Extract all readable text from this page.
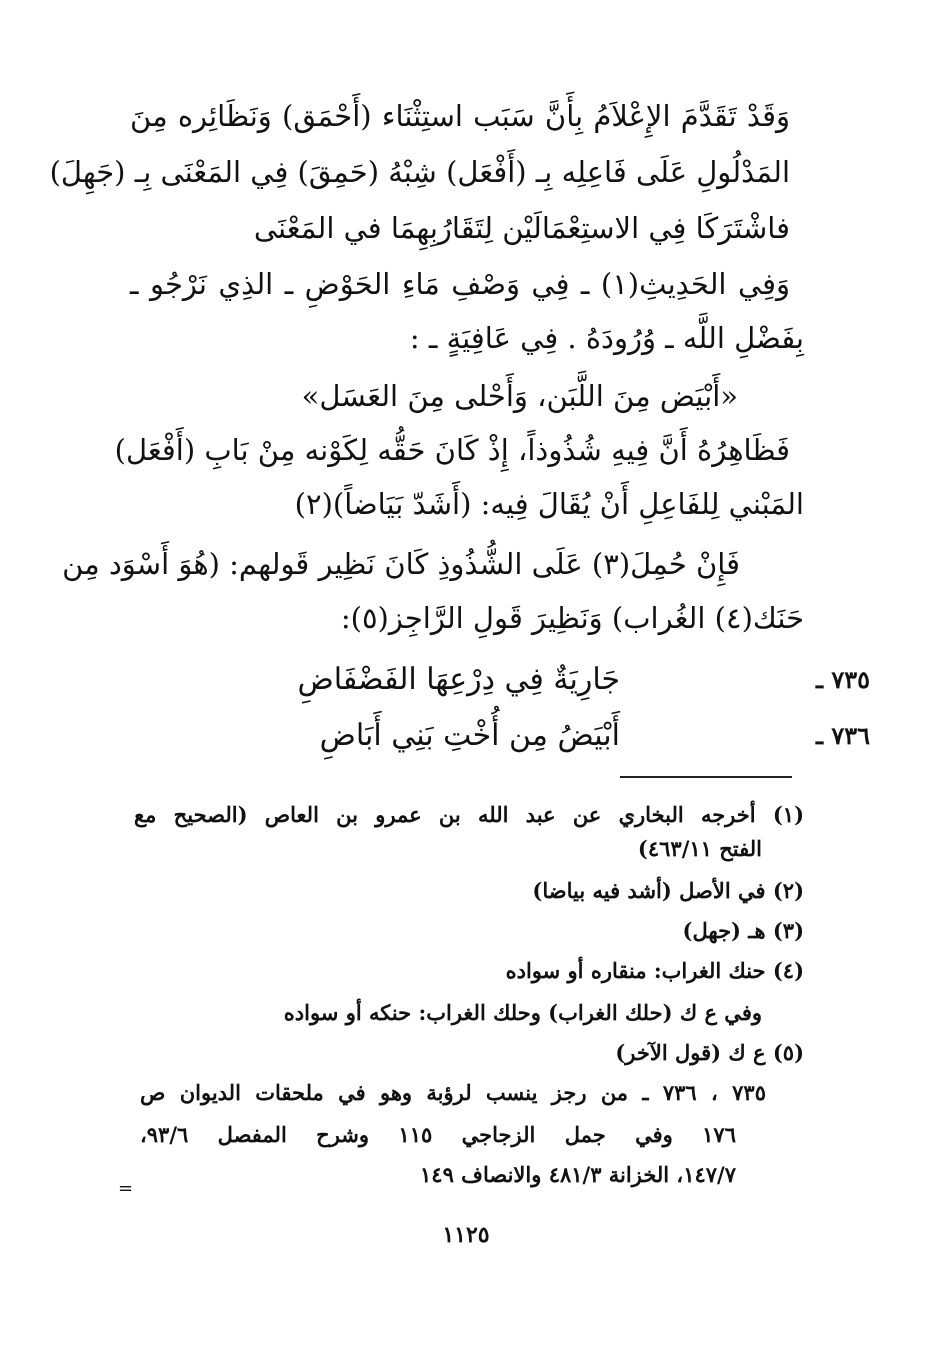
وَقَدْ تَقَدَّمَ الإِعْلاَمُ بِأَنَّ سَبَب استِثْنَاء (أَحْمَق) وَنَظَائِره مِنَ
المَدْلُولِ عَلَى فَاعِلِه بِـ (أَفْعَل) شِبْهُ (حَمِقَ) فِي المَعْنَى بِـ (جَهِلَ)
فاشْتَرَكَا فِي الاستِعْمَالَيْن لِتَقَارُبِهِمَا في المَعْنَى
وَفِي الحَدِيثِ(١) ـ فِي وَصْفِ مَاءِ الحَوْضِ ـ الذِي نَرْجُو ـ
بِفَضْلِ اللَّه ـ وُرُودَهُ . فِي عَافِيَةٍ ـ :
«أَبْيَض مِنَ اللَّبَن، وَأَحْلى مِنَ العَسَل»
فَظَاهِرُهُ أَنَّ فِيهِ شُذُوذاً، إِذْ كَانَ حَقُّه لِكَوْنه مِنْ بَابِ (أَفْعَل)
المَبْني لِلفَاعِلِ أَنْ يُقَالَ فِيه: (أَشَدّ بَيَاضاً)(٢)
فَإِنْ حُمِلَ(٣) عَلَى الشُّذُوذِ كَانَ نَظِير قَولهم: (هُوَ أَسْوَد مِن
حَنَك(٤) الغُراب) وَنَظِيرَ قَولِ الرَّاجِز(٥):
٧٣٥ ـ
جَارِيَةٌ فِي دِرْعِهَا الفَضْفَاضِ
٧٣٦ ـ
أَبْيَضُ مِن أُخْتِ بَنِي أَبَاضِ
(١) أخرجه البخاري عن عبد الله بن عمرو بن العاص (الصحيح مع
الفتح ٤٦٣/١١)
(٢) في الأصل (أشد فيه بياضا)
(٣) هـ (جهل)
(٤) حنك الغراب: منقاره أو سواده
وفي ع ك (حلك الغراب) وحلك الغراب: حنكه أو سواده
(٥) ع ك (قول الآخر)
٧٣٥ ، ٧٣٦ ـ من رجز ينسب لرؤبة وهو في ملحقات الديوان ص
١٧٦ وفي جمل الزجاجي ١١٥ وشرح المفصل ٩٣/٦،
١٤٧/٧، الخزانة ٤٨١/٣ والانصاف ١٤٩
=
١١٢٥
